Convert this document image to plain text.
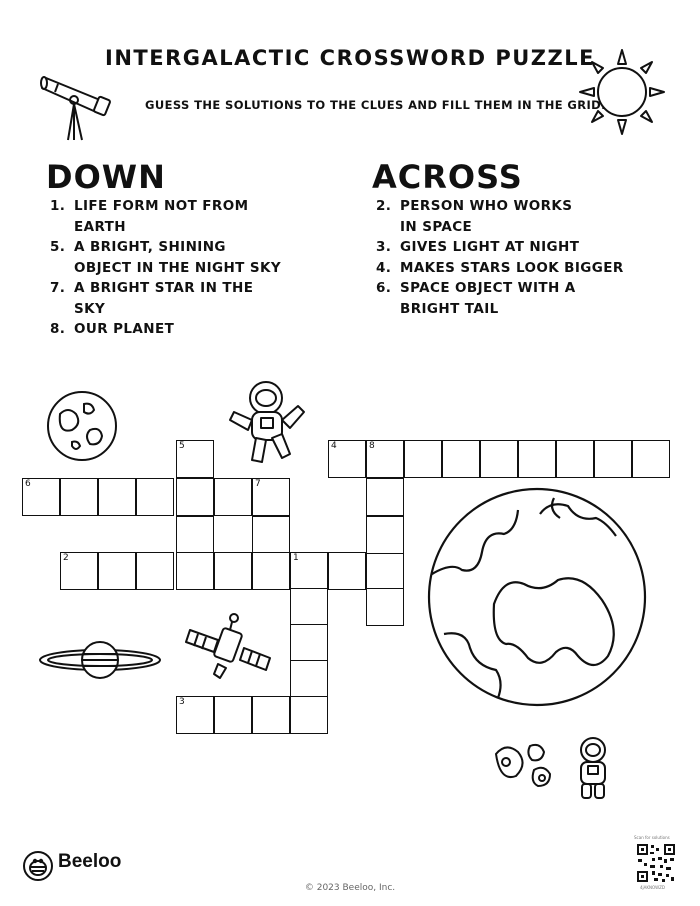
INTERGALACTIC CROSSWORD PUZZLE
GUESS THE SOLUTIONS TO THE CLUES AND FILL THEM IN THE GRID.
DOWN
1. LIFE FORM NOT FROM EARTH
5. A BRIGHT, SHINING OBJECT IN THE NIGHT SKY
7. A BRIGHT STAR IN THE SKY
8. OUR PLANET
ACROSS
2. PERSON WHO WORKS IN SPACE
3. GIVES LIGHT AT NIGHT
4. MAKES STARS LOOK BIGGER
6. SPACE OBJECT WITH A BRIGHT TAIL
6
5
7
2	1
3
4	8
Beeloo
© 2023 Beeloo, Inc.
Scan for solutions
4jAKNOWZD
